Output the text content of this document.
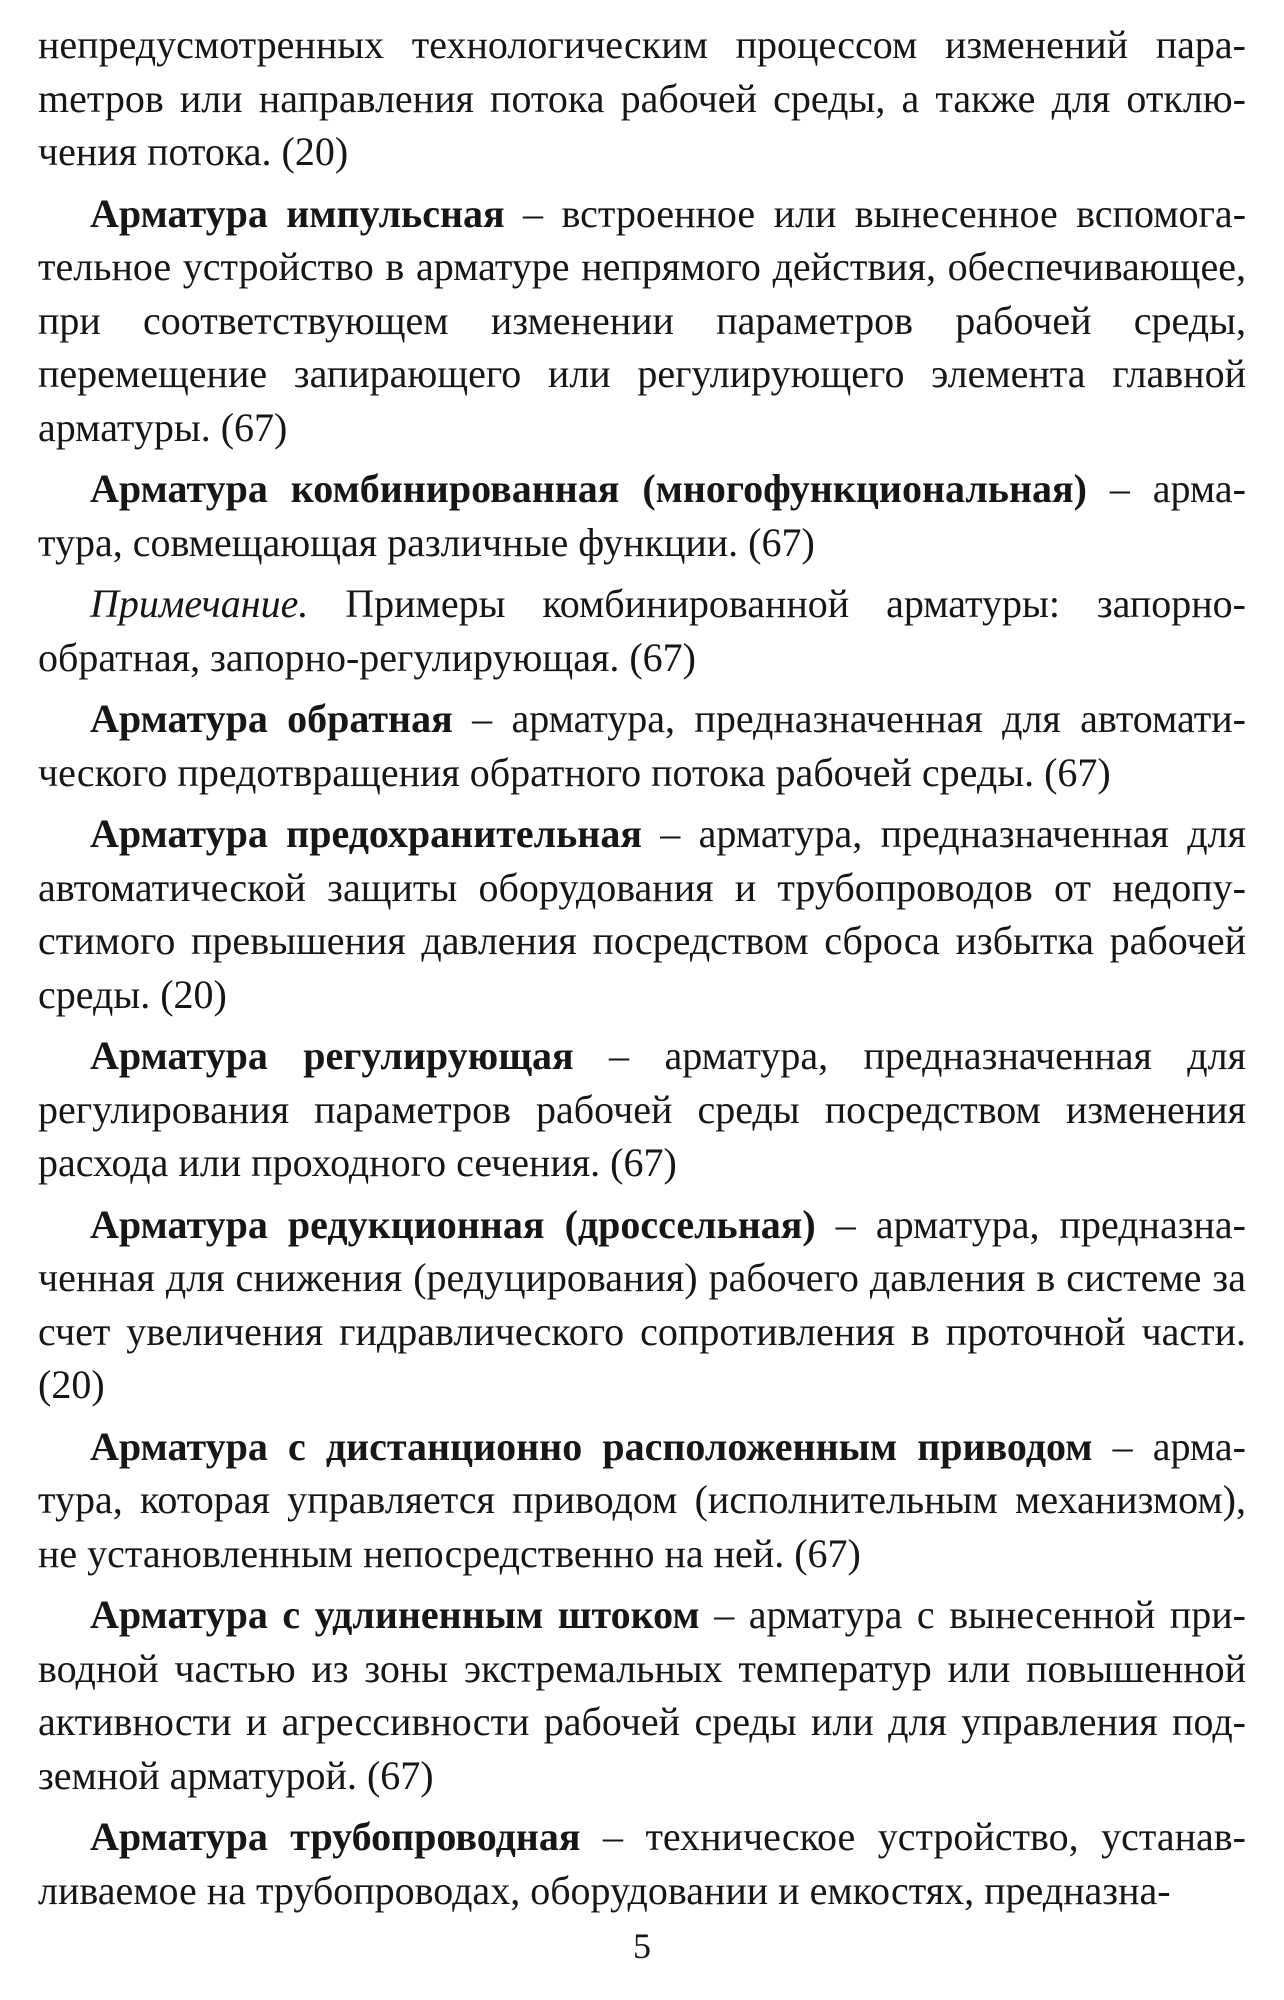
непредусмотренных технологическим процессом изменений параmетров или направления потока рабочей среды, а также для отключения потока. (20)

Арматура импульсная – встроенное или вынесенное вспомогательное устройство в арматуре непрямого действия, обеспечивающее, при соответствующем изменении параметров рабочей среды, перемещение запирающего или регулирующего элемента главной арматуры. (67)

Арматура комбинированная (многофункциональная) – арматура, совмещающая различные функции. (67)

Примечание. Примеры комбинированной арматуры: запорно-обратная, запорно-регулирующая. (67)

Арматура обратная – арматура, предназначенная для автоматического предотвращения обратного потока рабочей среды. (67)

Арматура предохранительная – арматура, предназначенная для автоматической защиты оборудования и трубопроводов от недопустимого превышения давления посредством сброса избытка рабочей среды. (20)

Арматура регулирующая – арматура, предназначенная для регулирования параметров рабочей среды посредством изменения расхода или проходного сечения. (67)

Арматура редукционная (дроссельная) – арматура, предназначенная для снижения (редуцирования) рабочего давления в системе за счет увеличения гидравлического сопротивления в проточной части. (20)

Арматура с дистанционно расположенным приводом – арматура, которая управляется приводом (исполнительным механизмом), не установленным непосредственно на ней. (67)

Арматура с удлиненным штоком – арматура с вынесенной приводной частью из зоны экстремальных температур или повышенной активности и агрессивности рабочей среды или для управления подземной арматурой. (67)

Арматура трубопроводная – техническое устройство, устанавливаемое на трубопроводах, оборудовании и емкостях, предназна-

5
